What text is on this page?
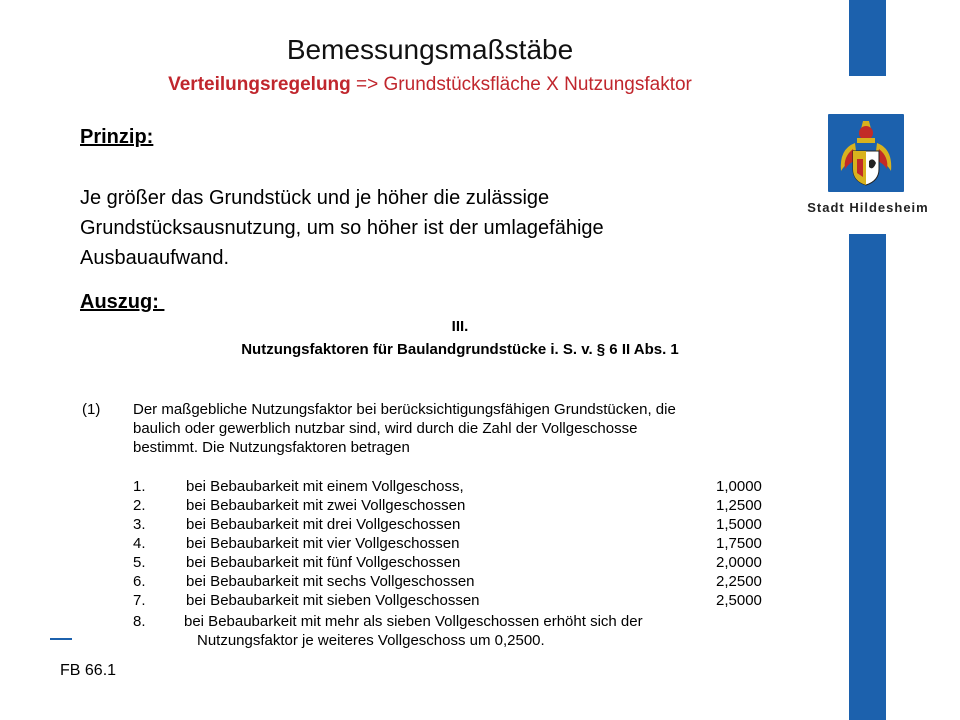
Stadt Hildesheim
Bemessungsmaßstäbe
Verteilungsregelung => Grundstücksfläche X Nutzungsfaktor
Prinzip:
Je größer das Grundstück und je höher die zulässige
Grundstücksausnutzung, um so höher ist der umlagefähige
Ausbauaufwand.
Auszug:
III.
Nutzungsfaktoren für Baulandgrundstücke i. S. v. § 6 II Abs. 1
(1) Der maßgebliche Nutzungsfaktor bei berücksichtigungsfähigen Grundstücken, die
baulich oder gewerblich nutzbar sind, wird durch die Zahl der Vollgeschosse
bestimmt. Die Nutzungsfaktoren betragen
1.	bei Bebaubarkeit mit einem Vollgeschoss,	1,0000
2.	bei Bebaubarkeit mit zwei Vollgeschossen	1,2500
3.	bei Bebaubarkeit mit drei Vollgeschossen	1,5000
4.	bei Bebaubarkeit mit vier Vollgeschossen	1,7500
5.	bei Bebaubarkeit mit fünf Vollgeschossen	2,0000
6.	bei Bebaubarkeit mit sechs Vollgeschossen	2,2500
7.	bei Bebaubarkeit mit sieben Vollgeschossen	2,5000
8.	bei Bebaubarkeit mit mehr als sieben Vollgeschossen erhöht sich der
Nutzungsfaktor je weiteres Vollgeschoss um 0,2500.
FB 66.1
